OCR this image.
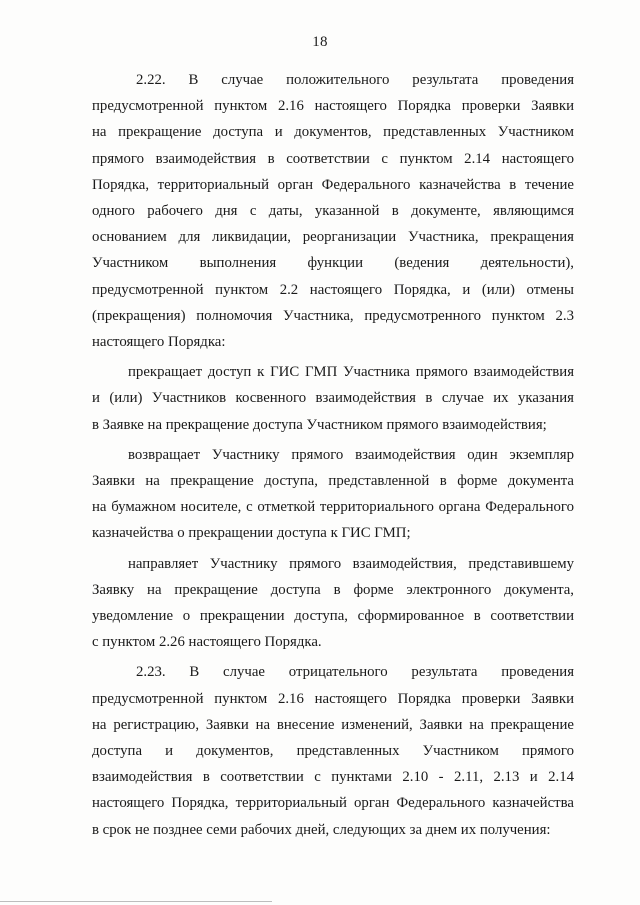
18

2.22. В случае положительного результата проведения
предусмотренной пунктом 2.16 настоящего Порядка проверки Заявки
на прекращение доступа и документов, представленных Участником
прямого взаимодействия в соответствии с пунктом 2.14 настоящего
Порядка, территориальный орган Федерального казначейства в течение
одного рабочего дня с даты, указанной в документе, являющимся
основанием для ликвидации, реорганизации Участника, прекращения
Участником выполнения функции (ведения деятельности),
предусмотренной пунктом 2.2 настоящего Порядка, и (или) отмены
(прекращения) полномочия Участника, предусмотренного пунктом 2.3
настоящего Порядка:

прекращает доступ к ГИС ГМП Участника прямого взаимодействия
и (или) Участников косвенного взаимодействия в случае их указания
в Заявке на прекращение доступа Участником прямого взаимодействия;

возвращает Участнику прямого взаимодействия один экземпляр
Заявки на прекращение доступа, представленной в форме документа
на бумажном носителе, с отметкой территориального органа Федерального
казначейства о прекращении доступа к ГИС ГМП;

направляет Участнику прямого взаимодействия, представившему
Заявку на прекращение доступа в форме электронного документа,
уведомление о прекращении доступа, сформированное в соответствии
с пунктом 2.26 настоящего Порядка.

2.23. В случае отрицательного результата проведения
предусмотренной пунктом 2.16 настоящего Порядка проверки Заявки
на регистрацию, Заявки на внесение изменений, Заявки на прекращение
доступа и документов, представленных Участником прямого
взаимодействия в соответствии с пунктами 2.10 - 2.11, 2.13 и 2.14
настоящего Порядка, территориальный орган Федерального казначейства
в срок не позднее семи рабочих дней, следующих за днем их получения:
